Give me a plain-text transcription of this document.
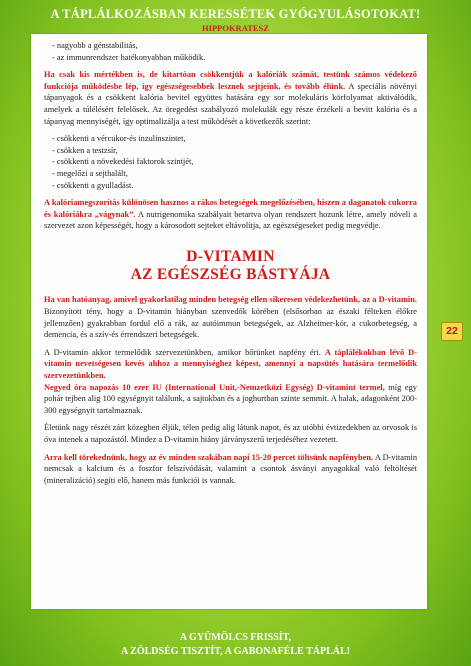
A TÁPLÁLKOZÁSBAN KERESSÉTEK GYÓGYULÁSOTOKAT!
HIPPOKRATESZ
- nagyobb a génstabilitás,
- az immunrendszer hatékonyabban működik.

Ha csak kis mértékben is, de kitartóan csökkentjük a kalóriák számát, testünk számos védekező funkciója működésbe lép, így egészségesebbek lesznek sejtjeink, és tovább élünk. A speciális növényi tápanyagok és a csökkent kalória bevitel együttes hatására egy sor molekuláris körfolyamat aktiválódik, amelyek a túlélésért felelősek. Az öregedést szabályozó molekulák egy része érzékeli a bevitt kalória és a tápanyag mennyiségét, így optimalizálja a test működését a következők szerint:

- csökkenti a vércukor-és inzulinszintet,
- csökken a testzsír,
- csökkenti a növekedési faktorok szintjét,
- megelőzi a sejthalált,
- csökkenti a gyulladást.

A kalóriamegszorítás különösen hasznos a rákos betegségek megelőzésében, hiszen a daganatok cukorra és kalóriákra „vágynak”. A nutrigenomika szabályait betartva olyan rendszert hozunk létre, amely növeli a szervezet azon képességét, hogy a károsodott sejteket eltávolítja, az egészségeseket pedig megvédje.

D-VITAMIN
AZ EGÉSZSÉG BÁSTYÁJA

Ha van hatóanyag, amivel gyakorlatilag minden betegség ellen sikeresen védekezhetünk, az a D-vitamin. Bizonyított tény, hogy a D-vitamin hiányban szenvedők körében (elsősorban az északi félteken élőkre jellemzően) gyakrabban fordul elő a rák, az autóimmun betegségek, az Alzheimer-kór, a cukorbetegség, a demencia, és a szív-és érrendszeri betegségek.

A D-vitamin akkor termelődik szervezetünkben, amikor bőrünket napfény éri. A táplálékokban lévő D-vitamin nevetségesen kevés ahhoz a mennyiséghez képest, amennyi a napsütés hatására termelődik szervezetünkben.
Negyed óra napozás 10 ezer IU (International Unit,-Nemzetközi Egység) D-vitamint termel, míg egy pohár tejben alig 100 egységnyit találunk, a sajtokban és a joghurtban szinte semmit. A halak, adagonként 200-300 egységnyit tartalmaznak.

Életünk nagy részét zárt közegben éljük, télen pedig alig látunk napot, és az utóbbi évtizedekben az orvosok is óva intenek a napozástól. Mindez a D-vitamin hiány járványszerű terjedéséhez vezetett.

Arra kell törekednünk, hogy az év minden szakában napi 15-20 percet töltsünk napfényben. A D-vitamin nemcsak a kalcium és a foszfor felszívódását, valamint a csontok ásványi anyagokkal való feltöltését (mineralizáció) segíti elő, hanem más funkciói is vannak.

22
A GYÜMÖLCS FRISSÍT,
A ZÖLDSÉG TISZTÍT, A GABONAFÉLE TÁPLÁL!
